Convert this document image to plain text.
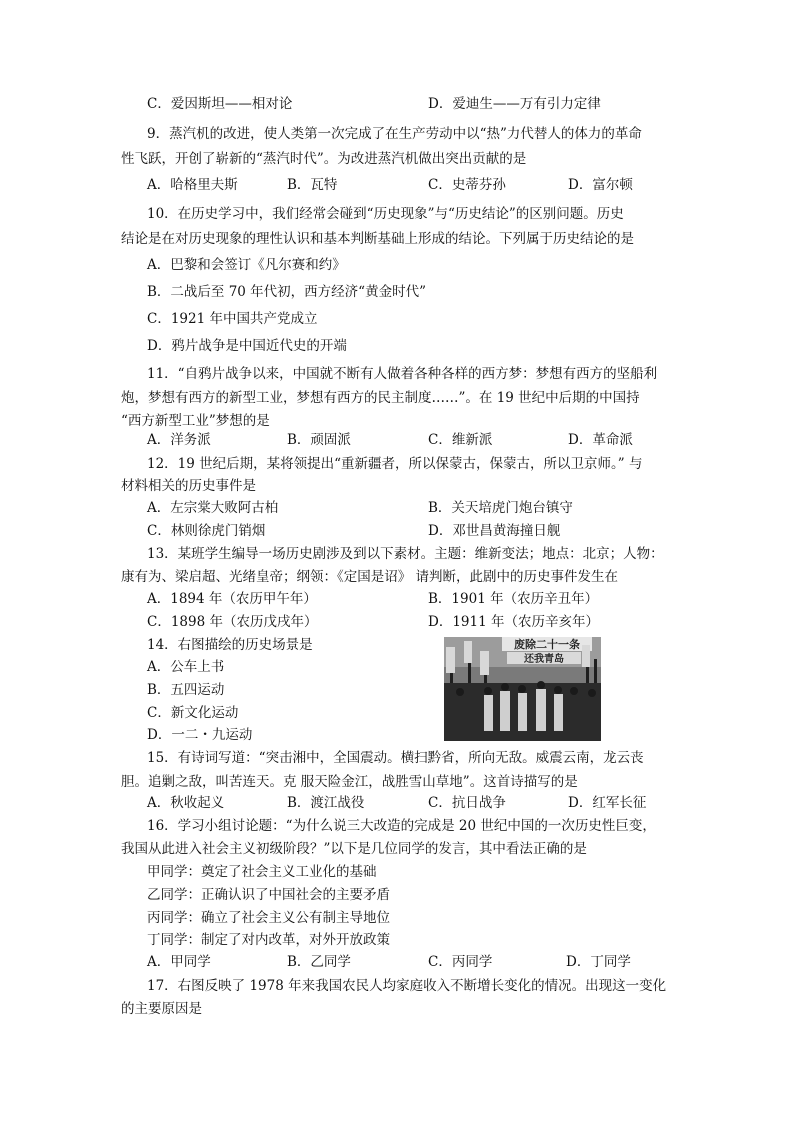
C．爱因斯坦——相对论	D．爱迪生——万有引力定律
9．蒸汽机的改进，使人类第一次完成了在生产劳动中以“热”力代替人的体力的革命
性飞跃，开创了崭新的“蒸汽时代”。为改进蒸汽机做出突出贡献的是
A．哈格里夫斯	B．瓦特	C．史蒂芬孙	D．富尔顿
10．在历史学习中，我们经常会碰到“历史现象”与“历史结论”的区别问题。历史
结论是在对历史现象的理性认识和基本判断基础上形成的结论。下列属于历史结论的是
A．巴黎和会签订《凡尔赛和约》
B．二战后至 70 年代初，西方经济“黄金时代”
C．1921 年中国共产党成立
D．鸦片战争是中国近代史的开端
11．“自鸦片战争以来，中国就不断有人做着各种各样的西方梦：梦想有西方的坚船利
炮，梦想有西方的新型工业，梦想有西方的民主制度……”。在 19 世纪中后期的中国持
“西方新型工业”梦想的是
A．洋务派	B．顽固派	C．维新派	D．革命派
12．19 世纪后期，某将领提出“重新疆者，所以保蒙古，保蒙古，所以卫京师。” 与
材料相关的历史事件是
A．左宗棠大败阿古柏	B．关天培虎门炮台镇守
C．林则徐虎门销烟	D．邓世昌黄海撞日舰
13．某班学生编导一场历史剧涉及到以下素材。主题：维新变法；地点：北京；人物：
康有为、梁启超、光绪皇帝；纲领：《定国是诏》 请判断，此剧中的历史事件发生在
A．1894 年（农历甲午年）	B．1901 年（农历辛丑年）
C．1898 年（农历戊戌年）	D．1911 年（农历辛亥年）
14．右图描绘的历史场景是
A．公车上书
B．五四运动
C．新文化运动
D．一二・九运动
废除二十一条
还我青岛
15．有诗词写道：“突击湘中，全国震动。横扫黔省，所向无敌。威震云南，龙云丧
胆。追剿之敌，叫苦连天。克 服天险金江，战胜雪山草地”。这首诗描写的是
A．秋收起义	B．渡江战役	C．抗日战争	D．红军长征
16．学习小组讨论题：“为什么说三大改造的完成是 20 世纪中国的一次历史性巨变，
我国从此进入社会主义初级阶段？”以下是几位同学的发言，其中看法正确的是
甲同学：奠定了社会主义工业化的基础
乙同学：正确认识了中国社会的主要矛盾
丙同学：确立了社会主义公有制主导地位
丁同学：制定了对内改革，对外开放政策
A．甲同学	B．乙同学	C．丙同学	D．丁同学
17．右图反映了 1978 年来我国农民人均家庭收入不断增长变化的情况。出现这一变化
的主要原因是
